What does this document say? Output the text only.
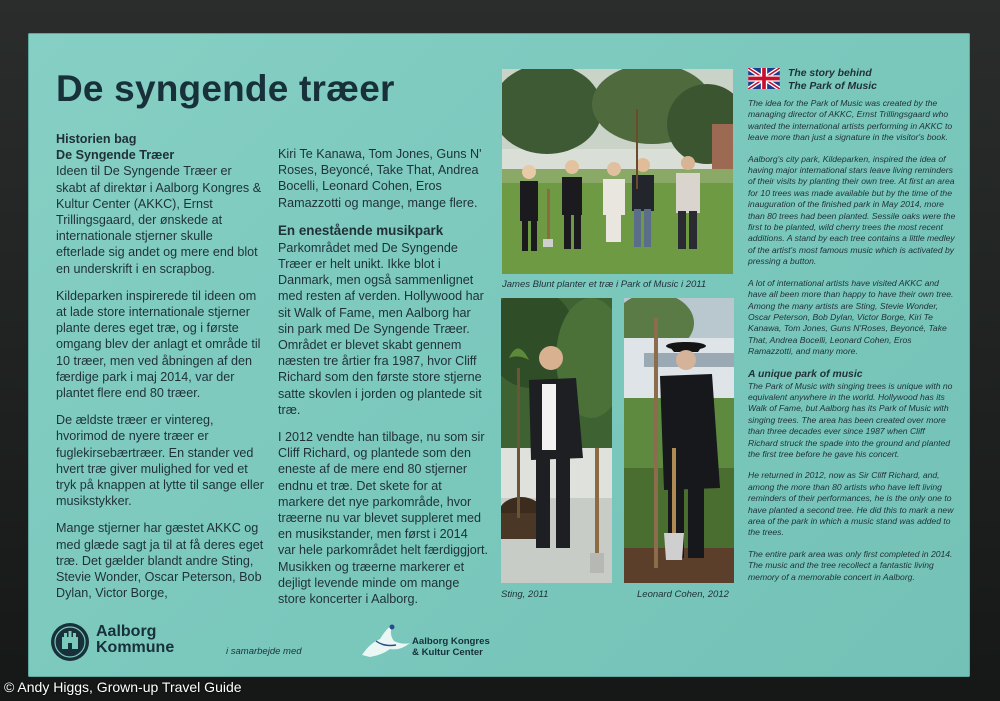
De syngende træer
Historien bag
De Syngende Træer

Ideen til De Syngende Træer er skabt af direktør i Aalborg Kongres & Kultur Center (AKKC), Ernst Trillingsgaard, der ønskede at internationale stjerner skulle efterlade sig andet og mere end blot en underskrift i en scrapbog.

Kildeparken inspirerede til ideen om at lade store internationale stjerner plante deres eget træ, og i første omgang blev der anlagt et område til 10 træer, men ved åbningen af den færdige park i maj 2014, var der plantet flere end 80 træer.

De ældste træer er vintereg, hvorimod de nyere træer er fuglekirsebærtræer. En stander ved hvert træ giver mulighed for ved et tryk på knappen at lytte til sange eller musikstykker.

Mange stjerner har gæstet AKKC og med glæde sagt ja til at få deres eget træ. Det gælder blandt andre Sting, Stevie Wonder, Oscar Peterson, Bob Dylan, Victor Borge,

Kiri Te Kanawa, Tom Jones, Guns N' Roses, Beyoncé, Take That, Andrea Bocelli, Leonard Cohen, Eros Ramazzotti og mange, mange flere.

En enestående musikpark

Parkområdet med De Syngende Træer er helt unikt. Ikke blot i Danmark, men også sammenlignet med resten af verden. Hollywood har sit Walk of Fame, men Aalborg har sin park med De Syngende Træer. Området er blevet skabt gennem næsten tre årtier fra 1987, hvor Cliff Richard som den første store stjerne satte skovlen i jorden og plantede sit træ.

I 2012 vendte han tilbage, nu som sir Cliff Richard, og plantede som den eneste af de mere end 80 stjerner endnu et træ. Det skete for at markere det nye parkområde, hvor træerne nu var blevet suppleret med en musikstander, men først i 2014 var hele parkområdet helt færdiggjort. Musikken og træerne markerer et dejligt levende minde om mange store koncerter i Aalborg.

James Blunt planter et træ i Park of Music i 2011
Sting, 2011	Leonard Cohen, 2012
The story behind
The Park of Music

The idea for the Park of Music was created by the managing director of AKKC, Ernst Trillingsgaard who wanted the international artists performing in AKKC to leave more than just a signature in the visitor's book.

Aalborg's city park, Kildeparken, inspired the idea of having major international stars leave living reminders of their visits by planting their own tree. At first an area for 10 trees was made available but by the time of the inauguration of the finished park in May 2014, more than 80 trees had been planted. Sessile oaks were the first to be planted, wild cherry trees the most recent additions. A stand by each tree contains a little medley of the artist's most famous music which is activated by pressing a button.

A lot of international artists have visited AKKC and have all been more than happy to have their own tree. Among the many artists are Sting, Stevie Wonder, Oscar Peterson, Bob Dylan, Victor Borge, Kiri Te Kanawa, Tom Jones, Guns N'Roses, Beyoncé, Take That, Andrea Bocelli, Leonard Cohen, Eros Ramazzotti, and many more.

A unique park of music

The Park of Music with singing trees is unique with no equivalent anywhere in the world. Hollywood has its Walk of Fame, but Aalborg has its Park of Music with singing trees. The area has been created over more than three decades ever since 1987 when Cliff Richard struck the spade into the ground and planted the first tree before he gave his concert.

He returned in 2012, now as Sir Cliff Richard, and, among the more than 80 artists who have left living reminders of their performances, he is the only one to have planted a second tree. He did this to mark a new area of the park in which a music stand was added to the trees.

The entire park area was only first completed in 2014. The music and the tree recollect a fantastic living memory of a memorable concert in Aalborg.

Aalborg
Kommune	i samarbejde med
Aalborg Kongres
& Kultur Center
© Andy Higgs, Grown-up Travel Guide
